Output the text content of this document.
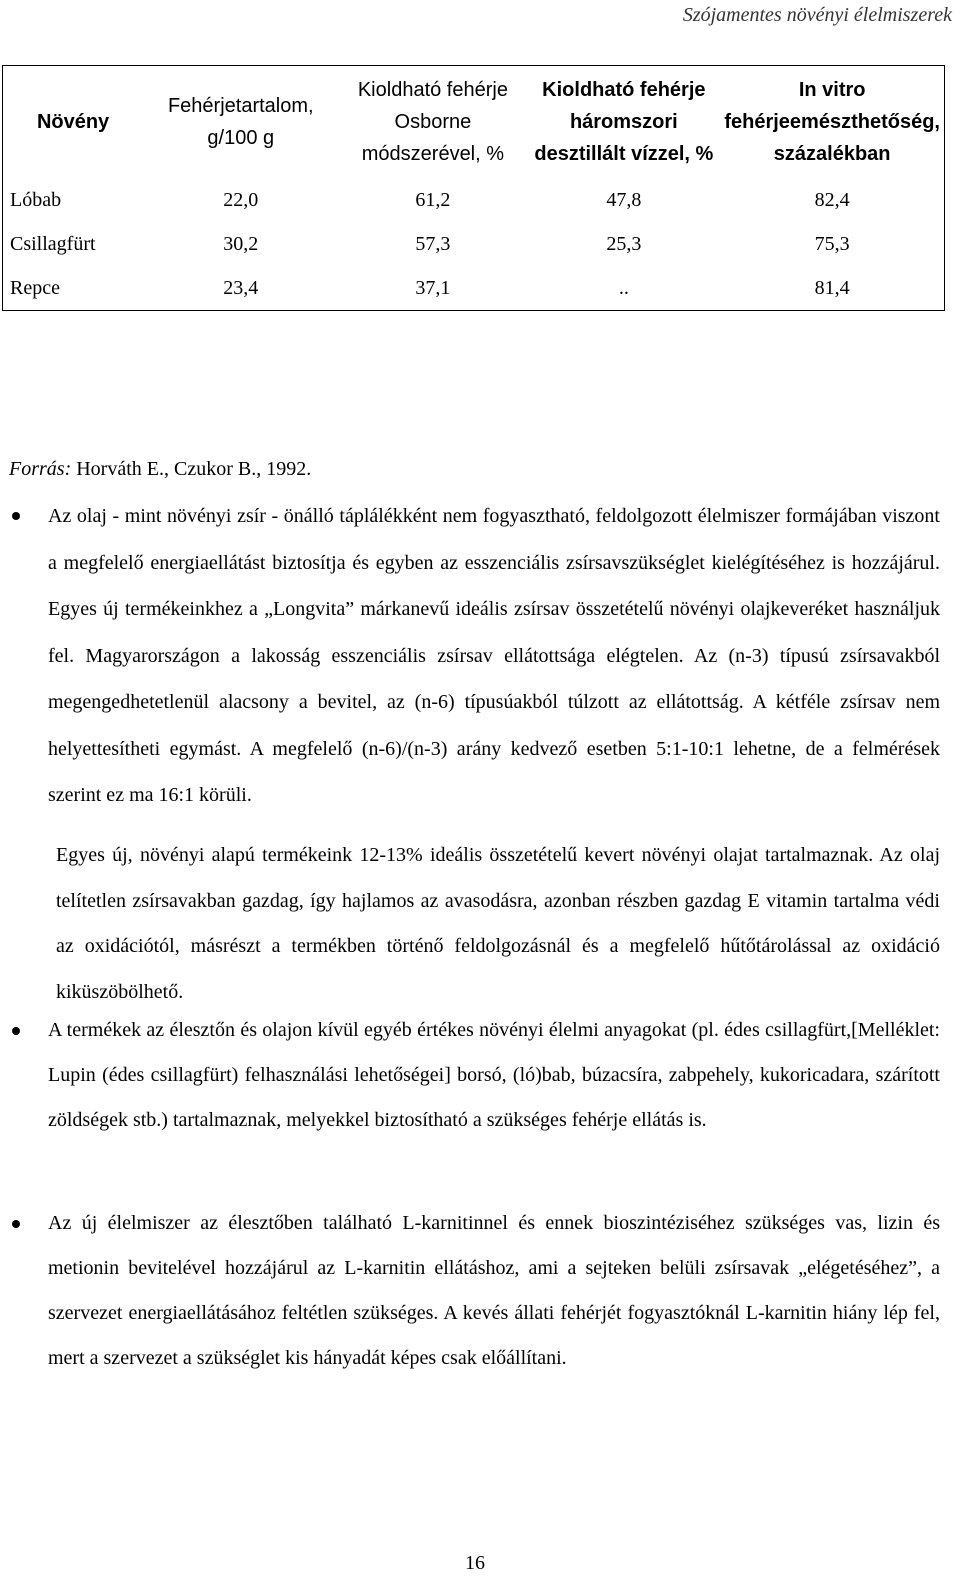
Szójamentes növényi élelmiszerek
Növény	Fehérjetartalom, g/100 g	Kioldható fehérje Osborne módszerével, %	Kioldható fehérje háromszori desztillált vízzel, %	In vitro fehérjeemészthetőség, százalékban
Lóbab	22,0	61,2	47,8	82,4
Csillagfürt	30,2	57,3	25,3	75,3
Repce	23,4	37,1	..	81,4
Forrás: Horváth E., Czukor B., 1992.

Az olaj - mint növényi zsír - önálló táplálékként nem fogyasztható, feldolgozott élelmiszer formájában viszont a megfelelő energiaellátást biztosítja és egyben az esszenciális zsírsavszükséglet kielégítéséhez is hozzájárul. Egyes új termékeinkhez a „Longvita” márkanevű ideális zsírsav összetételű növényi olajkeveréket használjuk fel. Magyarországon a lakosság esszenciális zsírsav ellátottsága elégtelen. Az (n-3) típusú zsírsavakból megengedhetetlenül alacsony a bevitel, az (n-6) típusúakból túlzott az ellátottság. A kétféle zsírsav nem helyettesítheti egymást. A megfelelő (n-6)/(n-3) arány kedvező esetben 5:1-10:1 lehetne, de a felmérések szerint ez ma 16:1 körüli.

Egyes új, növényi alapú termékeink 12-13% ideális összetételű kevert növényi olajat tartalmaznak. Az olaj telítetlen zsírsavakban gazdag, így hajlamos az avasodásra, azonban részben gazdag E vitamin tartalma védi az oxidációtól, másrészt a termékben történő feldolgozásnál és a megfelelő hűtőtárolással az oxidáció kiküszöbölhető.

A termékek az élesztőn és olajon kívül egyéb értékes növényi élelmi anyagokat (pl. édes csillagfürt,[Melléklet: Lupin (édes csillagfürt) felhasználási lehetőségei] borsó, (ló)bab, búzacsíra, zabpehely, kukoricadara, szárított zöldségek stb.) tartalmaznak, melyekkel biztosítható a szükséges fehérje ellátás is.

Az új élelmiszer az élesztőben található L-karnitinnel és ennek bioszintéziséhez szükséges vas, lizin és metionin bevitelével hozzájárul az L-karnitin ellátáshoz, ami a sejteken belüli zsírsavak „elégetéséhez”, a szervezet energiaellátásához feltétlen szükséges. A kevés állati fehérjét fogyasztóknál L-karnitin hiány lép fel, mert a szervezet a szükséglet kis hányadát képes csak előállítani.

16
